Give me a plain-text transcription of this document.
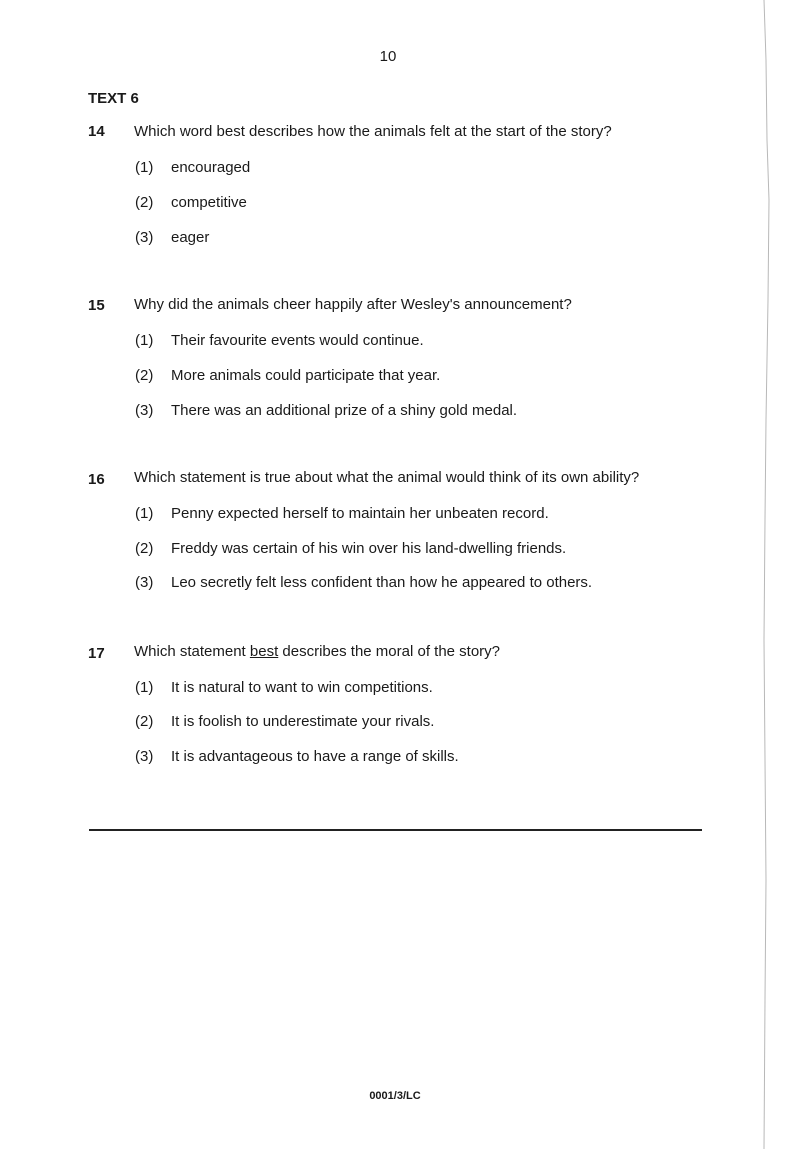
10
TEXT 6
14 Which word best describes how the animals felt at the start of the story?
(1) encouraged
(2) competitive
(3) eager
15 Why did the animals cheer happily after Wesley's announcement?
(1) Their favourite events would continue.
(2) More animals could participate that year.
(3) There was an additional prize of a shiny gold medal.
16 Which statement is true about what the animal would think of its own ability?
(1) Penny expected herself to maintain her unbeaten record.
(2) Freddy was certain of his win over his land-dwelling friends.
(3) Leo secretly felt less confident than how he appeared to others.
17 Which statement best describes the moral of the story?
(1) It is natural to want to win competitions.
(2) It is foolish to underestimate your rivals.
(3) It is advantageous to have a range of skills.
0001/3/LC
